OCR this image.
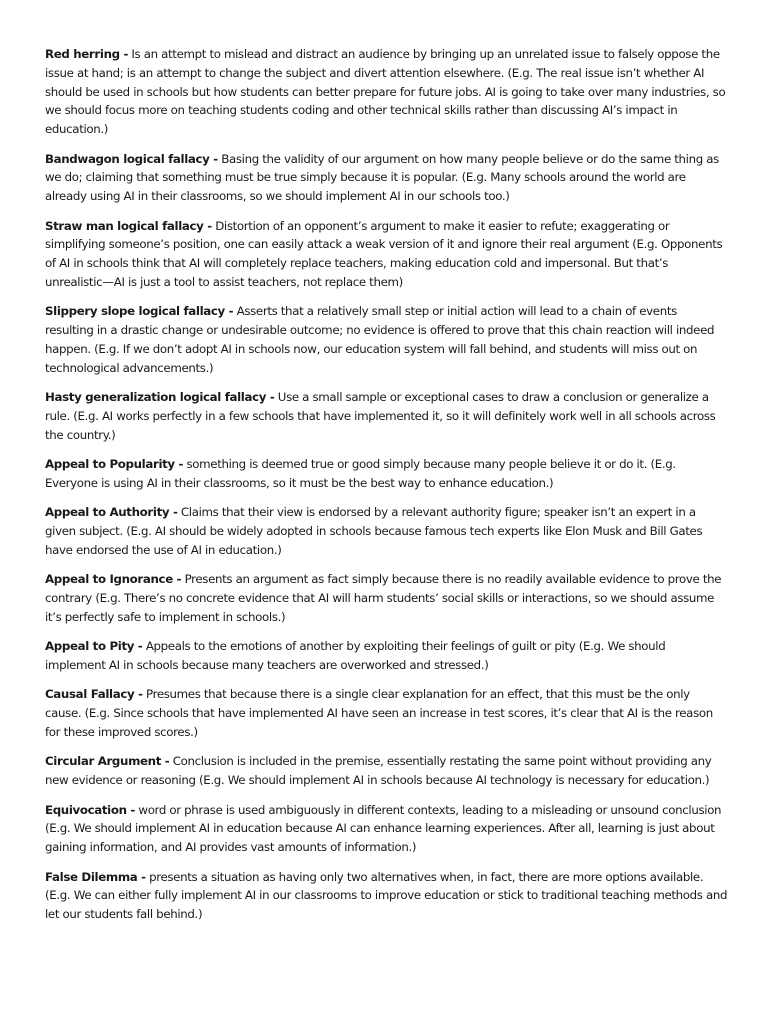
Red herring - Is an attempt to mislead and distract an audience by bringing up an unrelated issue to falsely oppose the issue at hand; is an attempt to change the subject and divert attention elsewhere. (E.g. The real issue isn’t whether AI should be used in schools but how students can better prepare for future jobs. AI is going to take over many industries, so we should focus more on teaching students coding and other technical skills rather than discussing AI’s impact in education.)

Bandwagon logical fallacy - Basing the validity of our argument on how many people believe or do the same thing as we do; claiming that something must be true simply because it is popular. (E.g. Many schools around the world are already using AI in their classrooms, so we should implement AI in our schools too.)

Straw man logical fallacy - Distortion of an opponent’s argument to make it easier to refute; exaggerating or simplifying someone’s position, one can easily attack a weak version of it and ignore their real argument (E.g. Opponents of AI in schools think that AI will completely replace teachers, making education cold and impersonal. But that’s unrealistic—AI is just a tool to assist teachers, not replace them)

Slippery slope logical fallacy - Asserts that a relatively small step or initial action will lead to a chain of events resulting in a drastic change or undesirable outcome; no evidence is offered to prove that this chain reaction will indeed happen. (E.g. If we don’t adopt AI in schools now, our education system will fall behind, and students will miss out on technological advancements.)

Hasty generalization logical fallacy - Use a small sample or exceptional cases to draw a conclusion or generalize a rule. (E.g. AI works perfectly in a few schools that have implemented it, so it will definitely work well in all schools across the country.)

Appeal to Popularity - something is deemed true or good simply because many people believe it or do it. (E.g. Everyone is using AI in their classrooms, so it must be the best way to enhance education.)

Appeal to Authority - Claims that their view is endorsed by a relevant authority figure; speaker isn’t an expert in a given subject. (E.g. AI should be widely adopted in schools because famous tech experts like Elon Musk and Bill Gates have endorsed the use of AI in education.)

Appeal to Ignorance - Presents an argument as fact simply because there is no readily available evidence to prove the contrary (E.g. There’s no concrete evidence that AI will harm students’ social skills or interactions, so we should assume it’s perfectly safe to implement in schools.)

Appeal to Pity - Appeals to the emotions of another by exploiting their feelings of guilt or pity (E.g. We should implement AI in schools because many teachers are overworked and stressed.)

Causal Fallacy - Presumes that because there is a single clear explanation for an effect, that this must be the only cause. (E.g. Since schools that have implemented AI have seen an increase in test scores, it’s clear that AI is the reason for these improved scores.)

Circular Argument - Conclusion is included in the premise, essentially restating the same point without providing any new evidence or reasoning (E.g. We should implement AI in schools because AI technology is necessary for education.)

Equivocation - word or phrase is used ambiguously in different contexts, leading to a misleading or unsound conclusion (E.g. We should implement AI in education because AI can enhance learning experiences. After all, learning is just about gaining information, and AI provides vast amounts of information.)

False Dilemma - presents a situation as having only two alternatives when, in fact, there are more options available. (E.g. We can either fully implement AI in our classrooms to improve education or stick to traditional teaching methods and let our students fall behind.)
